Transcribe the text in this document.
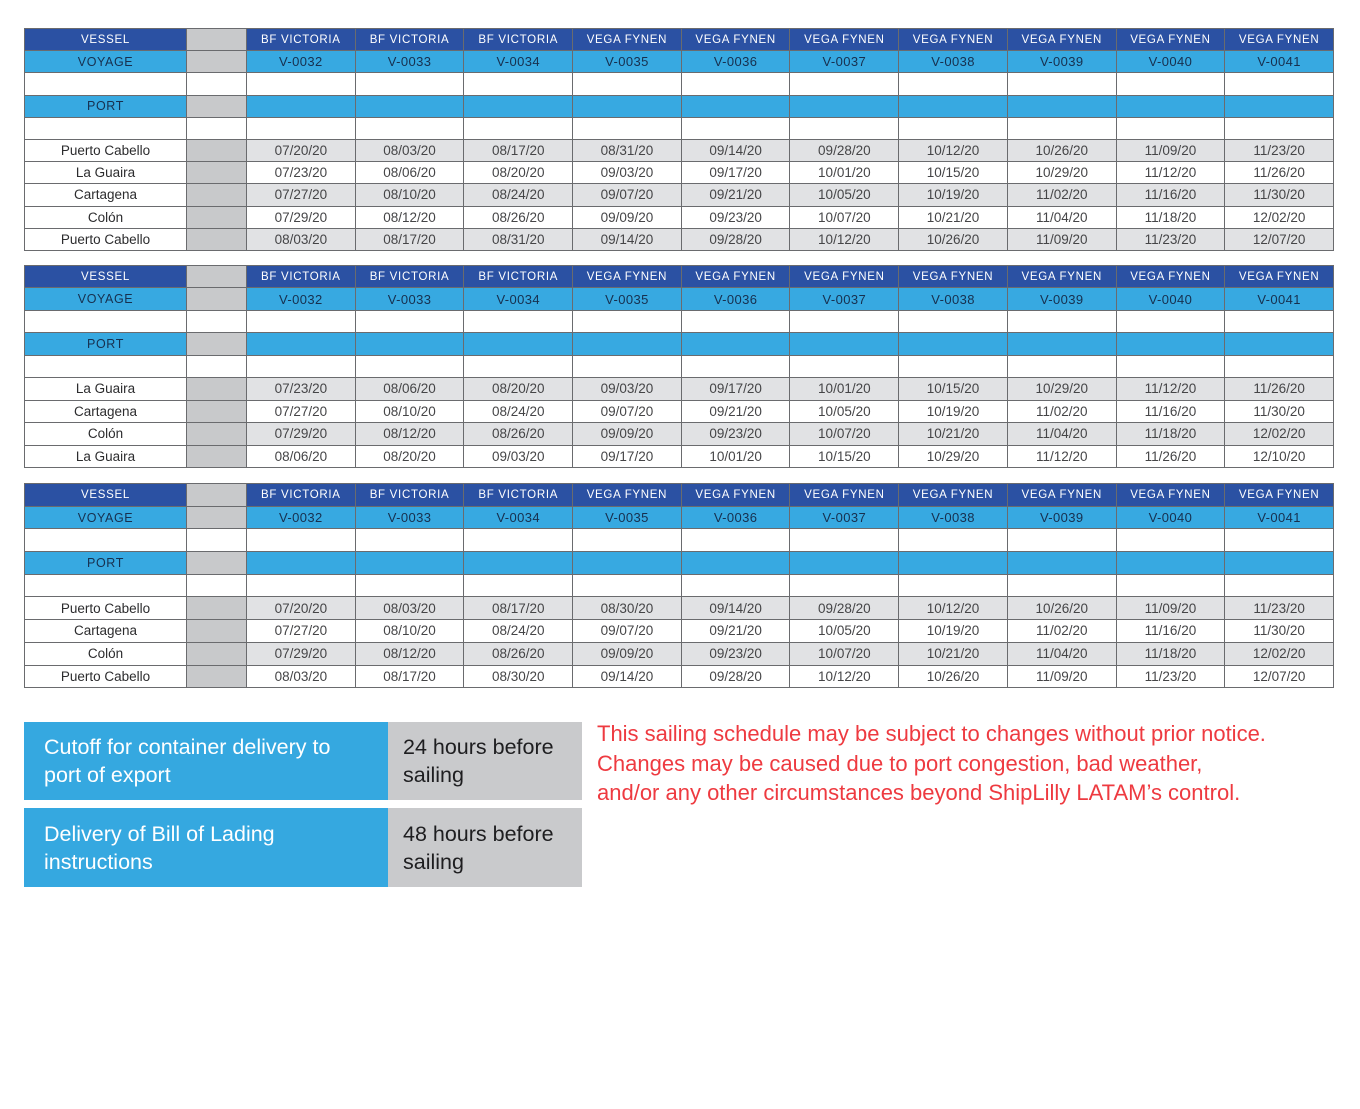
VESSEL	BF VICTORIA	BF VICTORIA	BF VICTORIA	VEGA FYNEN	VEGA FYNEN	VEGA FYNEN	VEGA FYNEN	VEGA FYNEN	VEGA FYNEN	VEGA FYNEN
VOYAGE	V-0032	V-0033	V-0034	V-0035	V-0036	V-0037	V-0038	V-0039	V-0040	V-0041
PORT
Puerto Cabello	07/20/20	08/03/20	08/17/20	08/31/20	09/14/20	09/28/20	10/12/20	10/26/20	11/09/20	11/23/20
La Guaira	07/23/20	08/06/20	08/20/20	09/03/20	09/17/20	10/01/20	10/15/20	10/29/20	11/12/20	11/26/20
Cartagena	07/27/20	08/10/20	08/24/20	09/07/20	09/21/20	10/05/20	10/19/20	11/02/20	11/16/20	11/30/20
Colón	07/29/20	08/12/20	08/26/20	09/09/20	09/23/20	10/07/20	10/21/20	11/04/20	11/18/20	12/02/20
Puerto Cabello	08/03/20	08/17/20	08/31/20	09/14/20	09/28/20	10/12/20	10/26/20	11/09/20	11/23/20	12/07/20
VESSEL	BF VICTORIA	BF VICTORIA	BF VICTORIA	VEGA FYNEN	VEGA FYNEN	VEGA FYNEN	VEGA FYNEN	VEGA FYNEN	VEGA FYNEN	VEGA FYNEN
VOYAGE	V-0032	V-0033	V-0034	V-0035	V-0036	V-0037	V-0038	V-0039	V-0040	V-0041
PORT
La Guaira	07/23/20	08/06/20	08/20/20	09/03/20	09/17/20	10/01/20	10/15/20	10/29/20	11/12/20	11/26/20
Cartagena	07/27/20	08/10/20	08/24/20	09/07/20	09/21/20	10/05/20	10/19/20	11/02/20	11/16/20	11/30/20
Colón	07/29/20	08/12/20	08/26/20	09/09/20	09/23/20	10/07/20	10/21/20	11/04/20	11/18/20	12/02/20
La Guaira	08/06/20	08/20/20	09/03/20	09/17/20	10/01/20	10/15/20	10/29/20	11/12/20	11/26/20	12/10/20
VESSEL	BF VICTORIA	BF VICTORIA	BF VICTORIA	VEGA FYNEN	VEGA FYNEN	VEGA FYNEN	VEGA FYNEN	VEGA FYNEN	VEGA FYNEN	VEGA FYNEN
VOYAGE	V-0032	V-0033	V-0034	V-0035	V-0036	V-0037	V-0038	V-0039	V-0040	V-0041
PORT
Puerto Cabello	07/20/20	08/03/20	08/17/20	08/30/20	09/14/20	09/28/20	10/12/20	10/26/20	11/09/20	11/23/20
Cartagena	07/27/20	08/10/20	08/24/20	09/07/20	09/21/20	10/05/20	10/19/20	11/02/20	11/16/20	11/30/20
Colón	07/29/20	08/12/20	08/26/20	09/09/20	09/23/20	10/07/20	10/21/20	11/04/20	11/18/20	12/02/20
Puerto Cabello	08/03/20	08/17/20	08/30/20	09/14/20	09/28/20	10/12/20	10/26/20	11/09/20	11/23/20	12/07/20
Cutoff for container delivery to port of export
24 hours before sailing
Delivery of Bill of Lading instructions
48 hours before sailing
This sailing schedule may be subject to changes without prior notice.
Changes may be caused due to port congestion, bad weather,
and/or any other circumstances beyond ShipLilly LATAM’s control.
